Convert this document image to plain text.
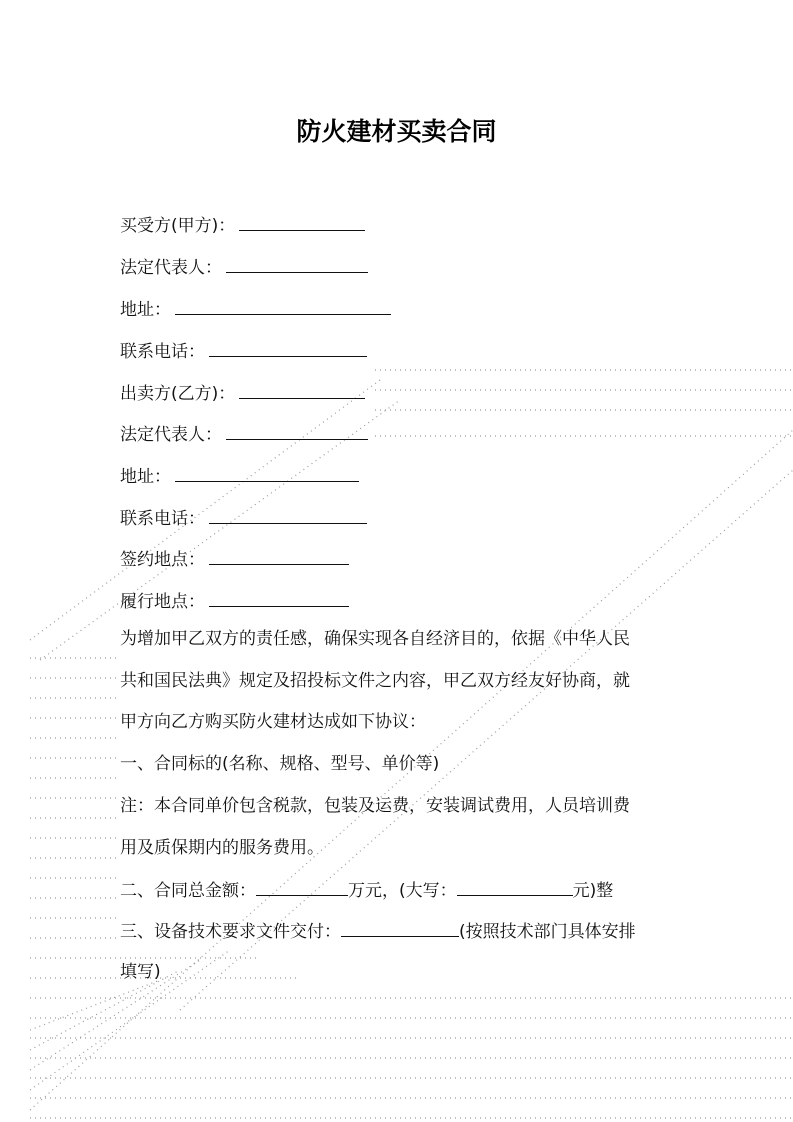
防火建材买卖合同
买受方(甲方)：
法定代表人：
地址：
联系电话：
出卖方(乙方)：
法定代表人：
地址：
联系电话：
签约地点：
履行地点：
为增加甲乙双方的责任感，确保实现各自经济目的，依据《中华人民
共和国民法典》规定及招投标文件之内容，甲乙双方经友好协商，就
甲方向乙方购买防火建材达成如下协议：
一、合同标的(名称、规格、型号、单价等)
注：本合同单价包含税款，包装及运费，安装调试费用，人员培训费
用及质保期内的服务费用。
二、合同总金额：	万元，(大写：	元)整
三、设备技术要求文件交付：	(按照技术部门具体安排
填写)
